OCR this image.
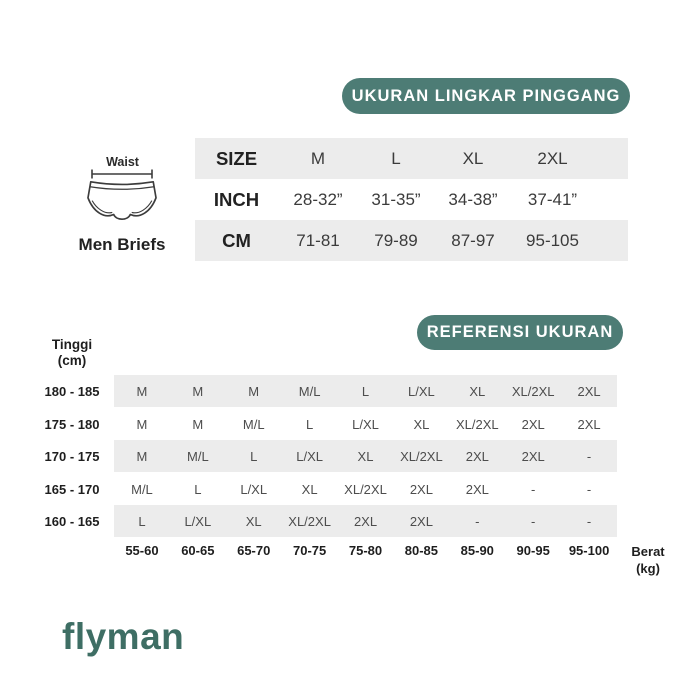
UKURAN LINGKAR PINGGANG
Waist
Men Briefs
SIZE	M	L	XL	2XL
INCH	28-32”	31-35”	34-38”	37-41”
CM	71-81	79-89	87-97	95-105
REFERENSI UKURAN
Tinggi
(cm)
180 - 185	M	M	M	M/L	L	L/XL	XL	XL/2XL	2XL
175 - 180	M	M	M/L	L	L/XL	XL	XL/2XL	2XL	2XL
170 - 175	M	M/L	L	L/XL	XL	XL/2XL	2XL	2XL	-
165 - 170	M/L	L	L/XL	XL	XL/2XL	2XL	2XL	-	-
160 - 165	L	L/XL	XL	XL/2XL	2XL	2XL	-	-	-
55-60	60-65	65-70	70-75	75-80	80-85	85-90	90-95	95-100	Berat
(kg)
flyman
